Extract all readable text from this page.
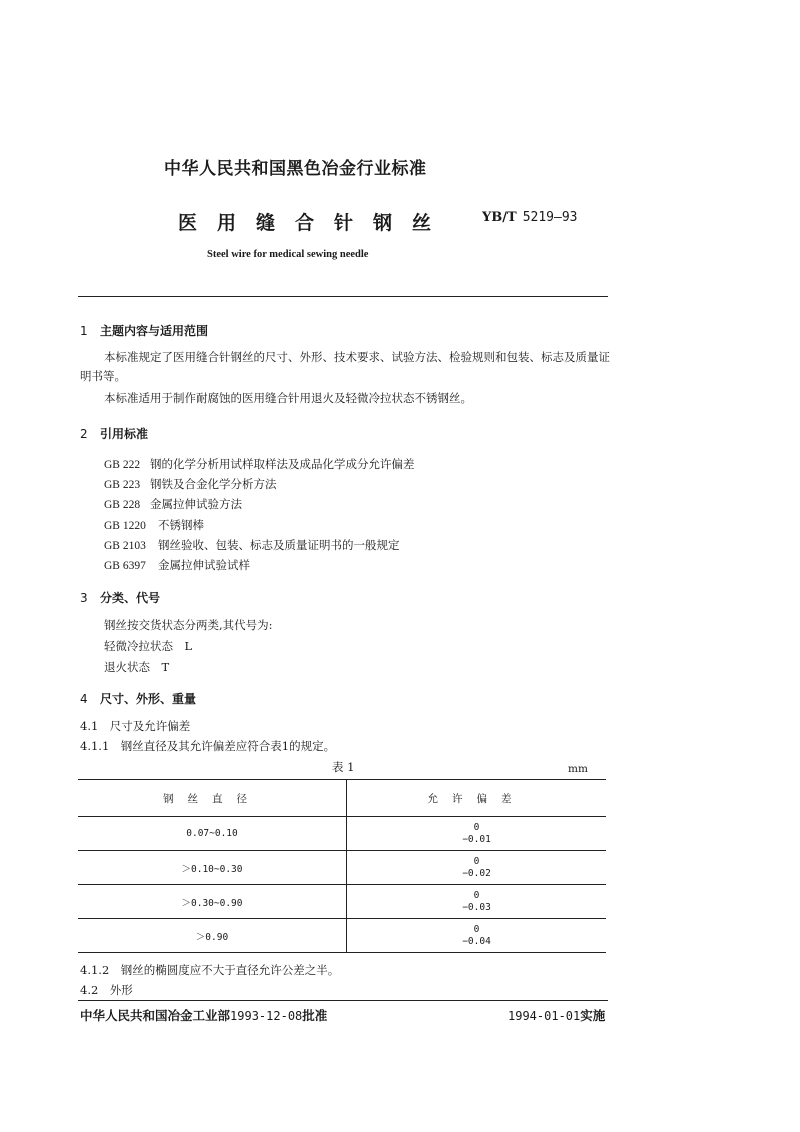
中华人民共和国黑色冶金行业标准
医用缝合针钢丝 YB/T 5219—93
Steel wire for medical sewing needle
1 主题内容与适用范围
本标准规定了医用缝合针钢丝的尺寸、外形、技术要求、试验方法、检验规则和包装、标志及质量证
明书等。
本标准适用于制作耐腐蚀的医用缝合针用退火及轻微冷拉状态不锈钢丝。
2 引用标准
GB 222 钢的化学分析用试样取样法及成品化学成分允许偏差
GB 223 钢铁及合金化学分析方法
GB 228 金属拉伸试验方法
GB 1220 不锈钢棒
GB 2103 钢丝验收、包装、标志及质量证明书的一般规定
GB 6397 金属拉伸试验试样
3 分类、代号
钢丝按交货状态分两类,其代号为:
轻微冷拉状态　L
退火状态　T
4 尺寸、外形、重量
4.1　尺寸及允许偏差
4.1.1　钢丝直径及其允许偏差应符合表1的规定。
表 1	mm
钢丝直径	允许偏差
0.07~0.10	0
−0.01

＞0.10~0.30	0
−0.02

＞0.30~0.90	0
−0.03

＞0.90	0
−0.04
4.1.2　钢丝的椭圆度应不大于直径允许公差之半。
4.2　外形
中华人民共和国冶金工业部1993-12-08批准	1994-01-01实施
